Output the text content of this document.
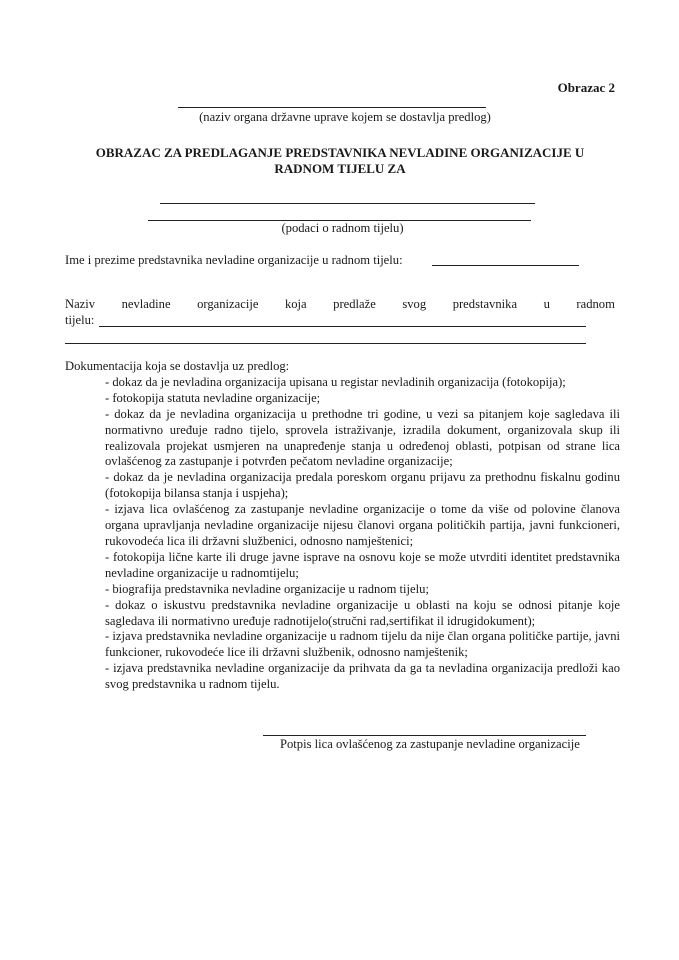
Obrazac 2
(naziv organa državne uprave kojem se dostavlja predlog)
OBRAZAC ZA PREDLAGANJE PREDSTAVNIKA NEVLADINE ORGANIZACIJE U
RADNOM TIJELU ZA
(podaci o radnom tijelu)
Ime i prezime predstavnika nevladine organizacije u radnom tijelu:
Naziv nevladine organizacije koja predlaže svog predstavnika u radnom
tijelu:
Dokumentacija koja se dostavlja uz predlog:
- dokaz da je nevladina organizacija upisana u registar nevladinih organizacija (fotokopija);
- fotokopija statuta nevladine organizacije;
- dokaz da je nevladina organizacija u prethodne tri godine, u vezi sa pitanjem koje sagledava ili normativno uređuje radno tijelo, sprovela istraživanje, izradila dokument, organizovala skup ili realizovala projekat usmjeren na unapređenje stanja u određenoj oblasti, potpisan od strane lica ovlašćenog za zastupanje i potvrđen pečatom nevladine organizacije;
- dokaz da je nevladina organizacija predala poreskom organu prijavu za prethodnu fiskalnu godinu (fotokopija bilansa stanja i uspjeha);
- izjava lica ovlašćenog za zastupanje nevladine organizacije o tome da više od polovine članova organa upravljanja nevladine organizacije nijesu članovi organa političkih partija, javni funkcioneri, rukovodeća lica ili državni službenici, odnosno namještenici;
- fotokopija lične karte ili druge javne isprave na osnovu koje se može utvrditi identitet predstavnika nevladine organizacije u radnomtijelu;
- biografija predstavnika nevladine organizacije u radnom tijelu;
- dokaz o iskustvu predstavnika nevladine organizacije u oblasti na koju se odnosi pitanje koje sagledava ili normativno uređuje radnotijelo(stručni rad,sertifikat il idrugidokument);
- izjava predstavnika nevladine organizacije u radnom tijelu da nije član organa političke partije, javni funkcioner, rukovodeće lice ili državni službenik, odnosno namještenik;
- izjava predstavnika nevladine organizacije da prihvata da ga ta nevladina organizacija predloži kao svog predstavnika u radnom tijelu.
Potpis lica ovlašćenog za zastupanje nevladine organizacije
